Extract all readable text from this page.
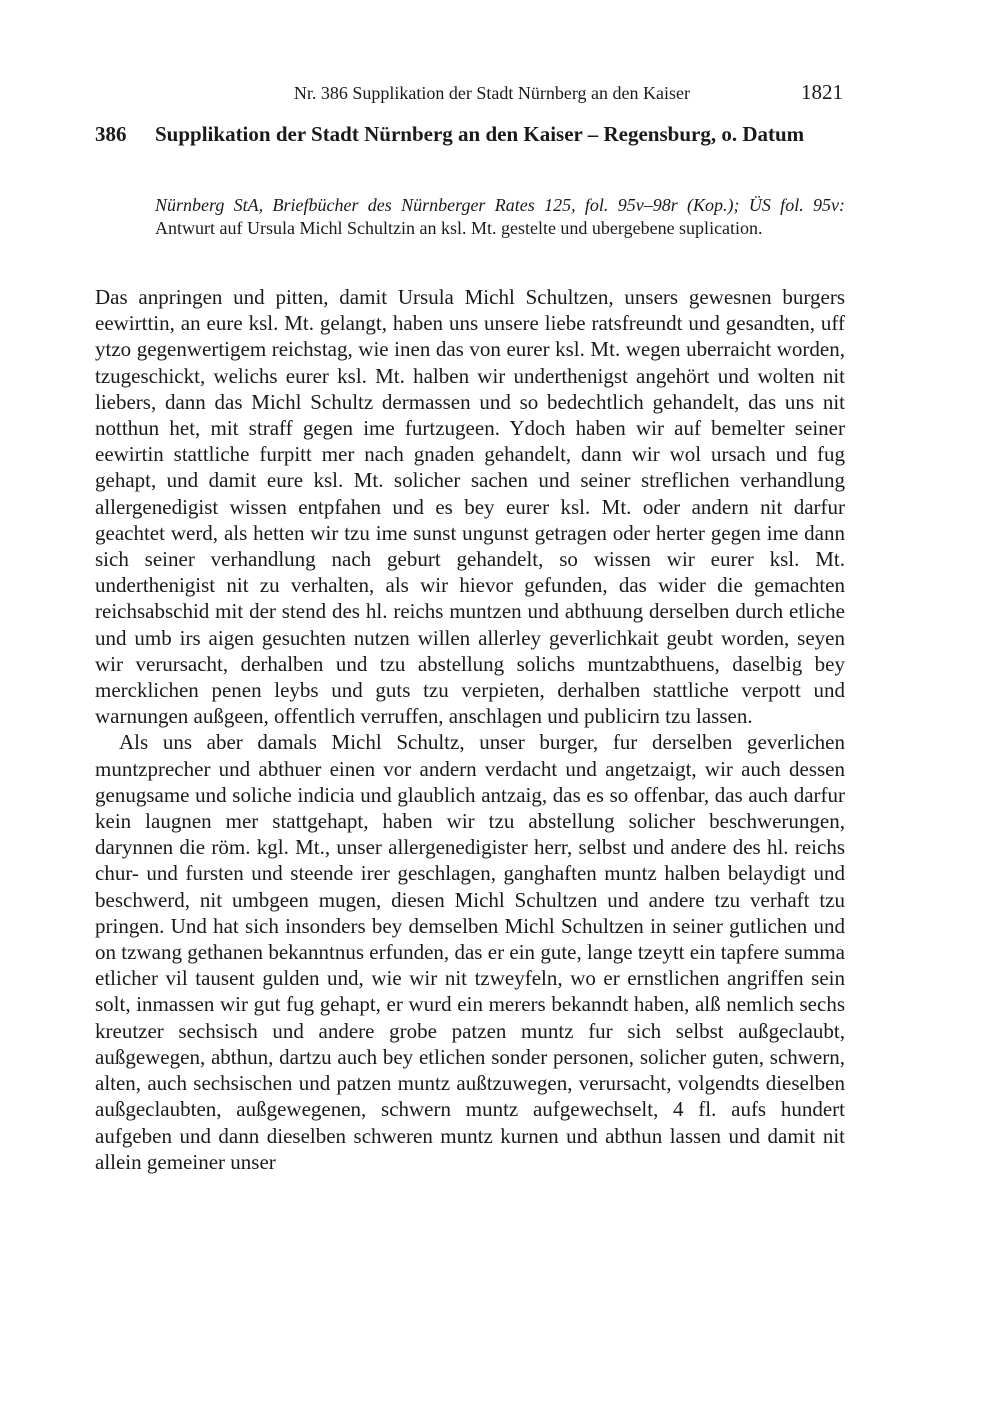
Nr. 386 Supplikation der Stadt Nürnberg an den Kaiser	1821
386 Supplikation der Stadt Nürnberg an den Kaiser – Regensburg, o. Datum
Nürnberg StA, Briefbücher des Nürnberger Rates 125, fol. 95v–98r (Kop.); ÜS fol. 95v: Antwurt auf Ursula Michl Schultzin an ksl. Mt. gestelte und ubergebene suplication.

Das anpringen und pitten, damit Ursula Michl Schultzen, unsers gewesnen burgers eewirttin, an eure ksl. Mt. gelangt, haben uns unsere liebe ratsfreundt und gesandten, uff ytzo gegenwertigem reichstag, wie inen das von eurer ksl. Mt. wegen uberraicht worden, tzugeschickt, welichs eurer ksl. Mt. halben wir underthenigst angehört und wolten nit liebers, dann das Michl Schultz dermassen und so bedechtlich gehandelt, das uns nit notthun het, mit straff gegen ime furtzugeen. Ydoch haben wir auf bemelter seiner eewirtin stattliche furpitt mer nach gnaden gehandelt, dann wir wol ursach und fug gehapt, und damit eure ksl. Mt. solicher sachen und seiner streflichen verhandlung allergenedigist wissen entpfahen und es bey eurer ksl. Mt. oder andern nit darfur geachtet werd, als hetten wir tzu ime sunst ungunst getragen oder herter gegen ime dann sich seiner verhandlung nach geburt gehandelt, so wissen wir eurer ksl. Mt. underthenigist nit zu verhalten, als wir hievor gefunden, das wider die gemachten reichsabschid mit der stend des hl. reichs muntzen und abthuung derselben durch etliche und umb irs aigen gesuchten nutzen willen allerley geverlichkait geubt worden, seyen wir verursacht, derhalben und tzu abstellung solichs muntzabthuens, daselbig bey mercklichen penen leybs und guts tzu verpieten, derhalben stattliche verpott und warnungen außgeen, offentlich verruffen, anschlagen und publicirn tzu lassen.

Als uns aber damals Michl Schultz, unser burger, fur derselben geverlichen muntzprecher und abthuer einen vor andern verdacht und angetzaigt, wir auch dessen genugsame und soliche indicia und glaublich antzaig, das es so offenbar, das auch darfur kein laugnen mer stattgehapt, haben wir tzu abstellung solicher beschwerungen, darynnen die röm. kgl. Mt., unser allergenedigister herr, selbst und andere des hl. reichs chur- und fursten und steende irer geschlagen, ganghaften muntz halben belaydigt und beschwerd, nit umbgeen mugen, diesen Michl Schultzen und andere tzu verhaft tzu pringen. Und hat sich insonders bey demselben Michl Schultzen in seiner gutlichen und on tzwang gethanen bekanntnus erfunden, das er ein gute, lange tzeytt ein tapfere summa etlicher vil tausent gulden und, wie wir nit tzweyfeln, wo er ernstlichen angriffen sein solt, inmassen wir gut fug gehapt, er wurd ein merers bekanndt haben, alß nemlich sechs kreutzer sechsisch und andere grobe patzen muntz fur sich selbst außgeclaubt, außgewegen, abthun, dartzu auch bey etlichen sonder personen, solicher guten, schwern, alten, auch sechsischen und patzen muntz außtzuwegen, verursacht, volgendts dieselben außgeclaubten, außgewegenen, schwern muntz aufgewechselt, 4 fl. aufs hundert aufgeben und dann dieselben schweren muntz kurnen und abthun lassen und damit nit allein gemeiner unser
